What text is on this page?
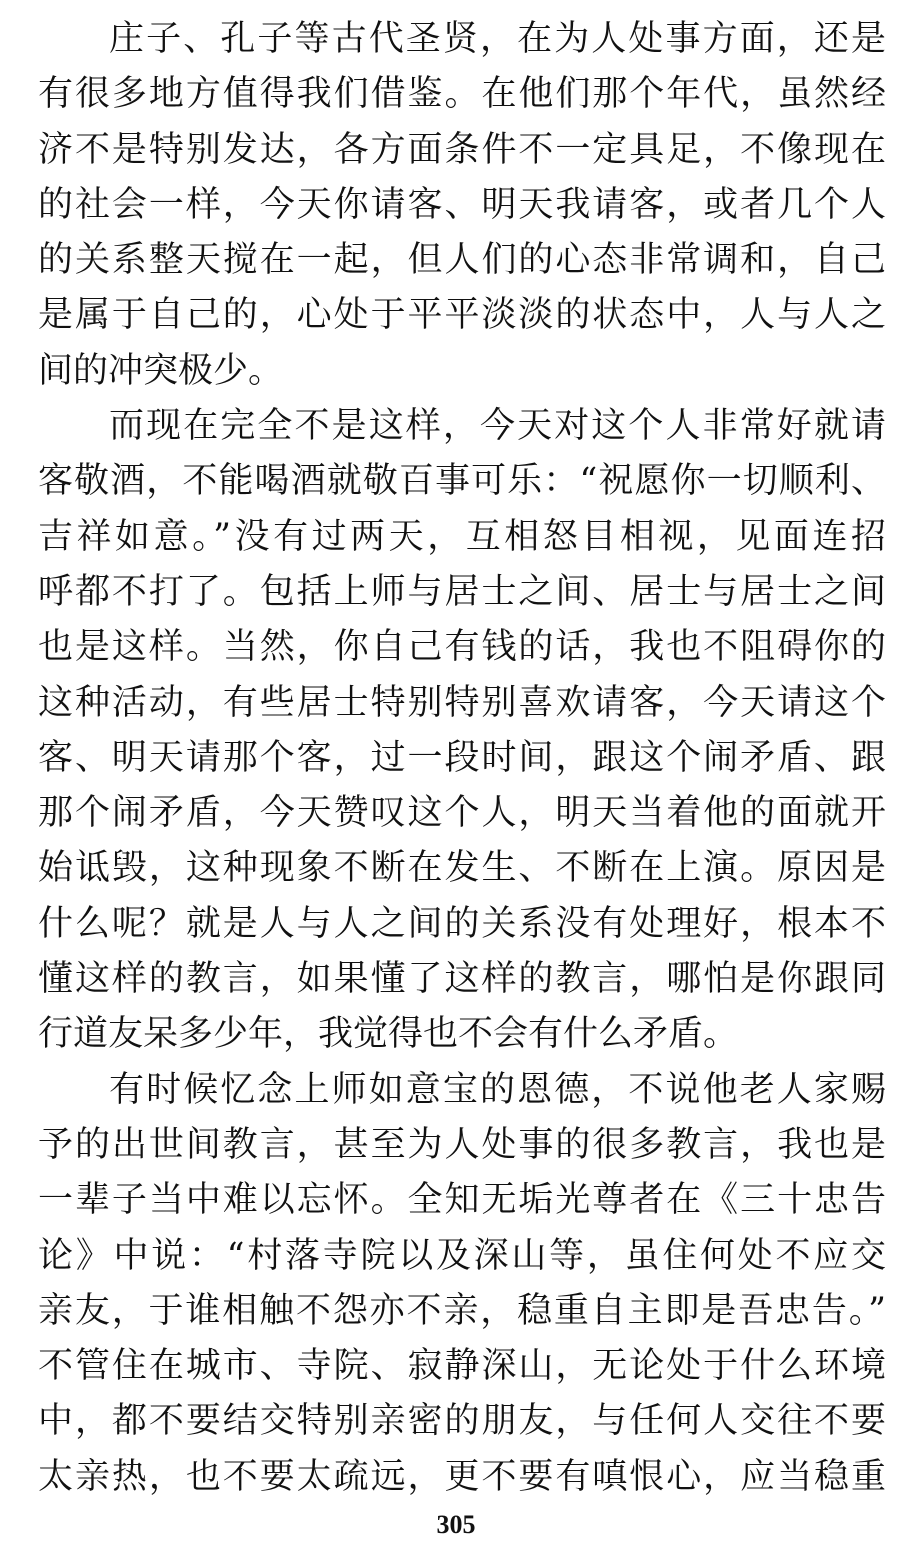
庄子、孔子等古代圣贤，在为人处事方面，还是
有很多地方值得我们借鉴。在他们那个年代，虽然经
济不是特别发达，各方面条件不一定具足，不像现在
的社会一样，今天你请客、明天我请客，或者几个人
的关系整天搅在一起，但人们的心态非常调和，自己
是属于自己的，心处于平平淡淡的状态中，人与人之
间的冲突极少。
而现在完全不是这样，今天对这个人非常好就请
客敬酒，不能喝酒就敬百事可乐：“祝愿你一切顺利、
吉祥如意。”没有过两天，互相怒目相视，见面连招
呼都不打了。包括上师与居士之间、居士与居士之间
也是这样。当然，你自己有钱的话，我也不阻碍你的
这种活动，有些居士特别特别喜欢请客，今天请这个
客、明天请那个客，过一段时间，跟这个闹矛盾、跟
那个闹矛盾，今天赞叹这个人，明天当着他的面就开
始诋毁，这种现象不断在发生、不断在上演。原因是
什么呢？就是人与人之间的关系没有处理好，根本不
懂这样的教言，如果懂了这样的教言，哪怕是你跟同
行道友呆多少年，我觉得也不会有什么矛盾。
有时候忆念上师如意宝的恩德，不说他老人家赐
予的出世间教言，甚至为人处事的很多教言，我也是
一辈子当中难以忘怀。全知无垢光尊者在《三十忠告
论》中说：“村落寺院以及深山等，虽住何处不应交
亲友，于谁相触不怨亦不亲，稳重自主即是吾忠告。”
不管住在城市、寺院、寂静深山，无论处于什么环境
中，都不要结交特别亲密的朋友，与任何人交往不要
太亲热，也不要太疏远，更不要有嗔恨心，应当稳重
305
